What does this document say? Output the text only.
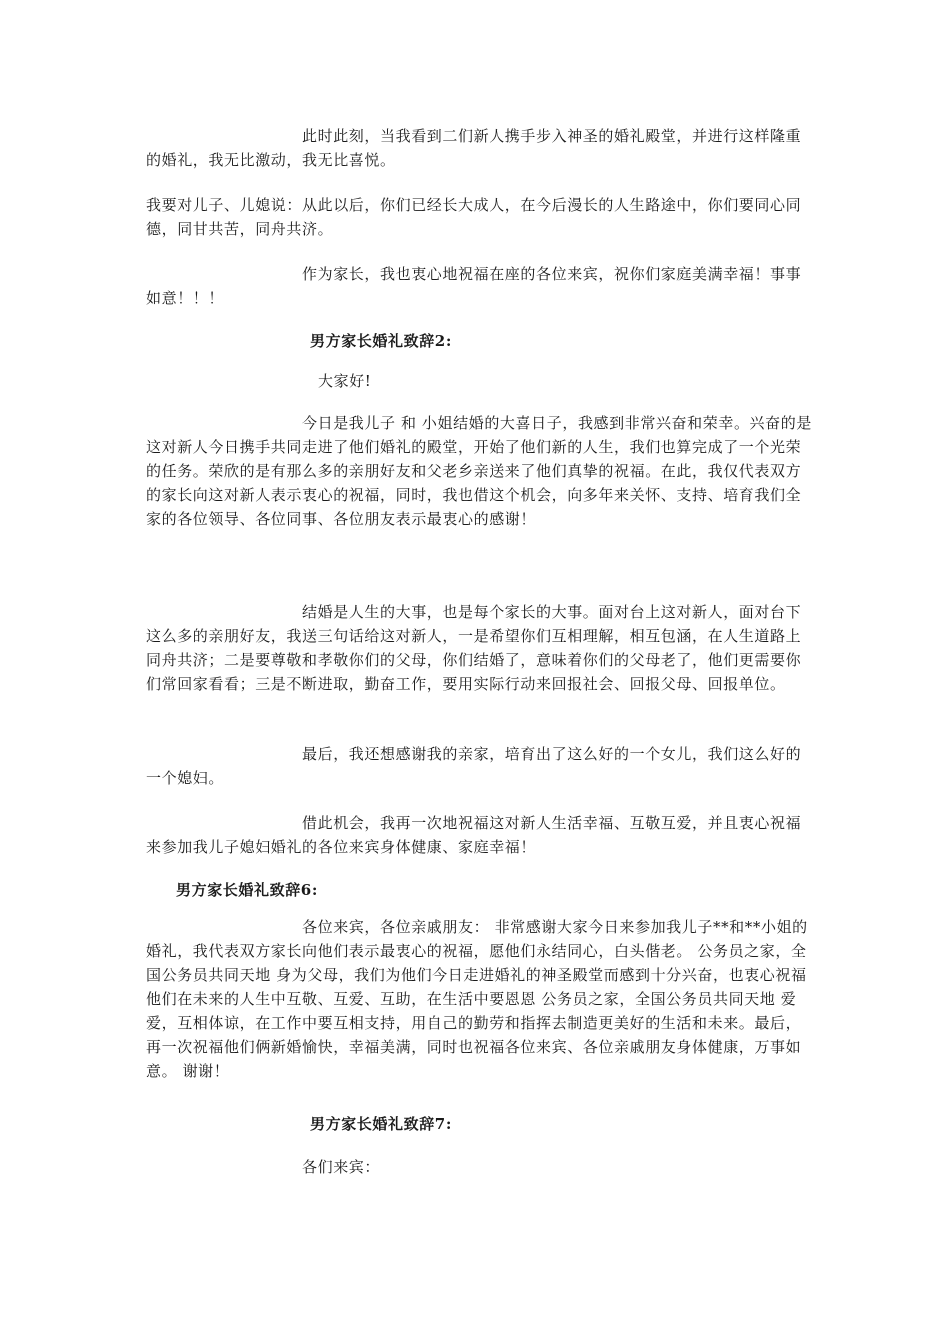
此时此刻，当我看到二们新人携手步入神圣的婚礼殿堂，并进行这样隆重的婚礼，我无比激动，我无比喜悦。

我要对儿子、儿媳说：从此以后，你们已经长大成人，在今后漫长的人生路途中，你们要同心同德，同甘共苦，同舟共济。

作为家长，我也衷心地祝福在座的各位来宾，祝你们家庭美满幸福！事事如意！！！

男方家长婚礼致辞2:

大家好!

今日是我儿子 和 小姐结婚的大喜日子，我感到非常兴奋和荣幸。兴奋的是这对新人今日携手共同走进了他们婚礼的殿堂，开始了他们新的人生，我们也算完成了一个光荣的任务。荣欣的是有那么多的亲朋好友和父老乡亲送来了他们真挚的祝福。在此，我仅代表双方的家长向这对新人表示衷心的祝福，同时，我也借这个机会，向多年来关怀、支持、培育我们全家的各位领导、各位同事、各位朋友表示最衷心的感谢！

结婚是人生的大事，也是每个家长的大事。面对台上这对新人，面对台下这么多的亲朋好友，我送三句话给这对新人，一是希望你们互相理解，相互包涵，在人生道路上同舟共济；二是要尊敬和孝敬你们的父母，你们结婚了，意味着你们的父母老了，他们更需要你们常回家看看；三是不断进取，勤奋工作，要用实际行动来回报社会、回报父母、回报单位。

最后，我还想感谢我的亲家，培育出了这么好的一个女儿，我们这么好的一个媳妇。

借此机会，我再一次地祝福这对新人生活幸福、互敬互爱，并且衷心祝福来参加我儿子媳妇婚礼的各位来宾身体健康、家庭幸福！

男方家长婚礼致辞6:

各位来宾，各位亲戚朋友： 非常感谢大家今日来参加我儿子**和**小姐的婚礼，我代表双方家长向他们表示最衷心的祝福，愿他们永结同心，白头偕老。 公务员之家，全国公务员共同天地 身为父母，我们为他们今日走进婚礼的神圣殿堂而感到十分兴奋，也衷心祝福他们在未来的人生中互敬、互爱、互助，在生活中要恩恩 公务员之家，全国公务员共同天地 爱爱，互相体谅，在工作中要互相支持，用自己的勤劳和指挥去制造更美好的生活和未来。最后，再一次祝福他们俩新婚愉快，幸福美满，同时也祝福各位来宾、各位亲戚朋友身体健康，万事如意。 谢谢！

男方家长婚礼致辞7:

各们来宾：
